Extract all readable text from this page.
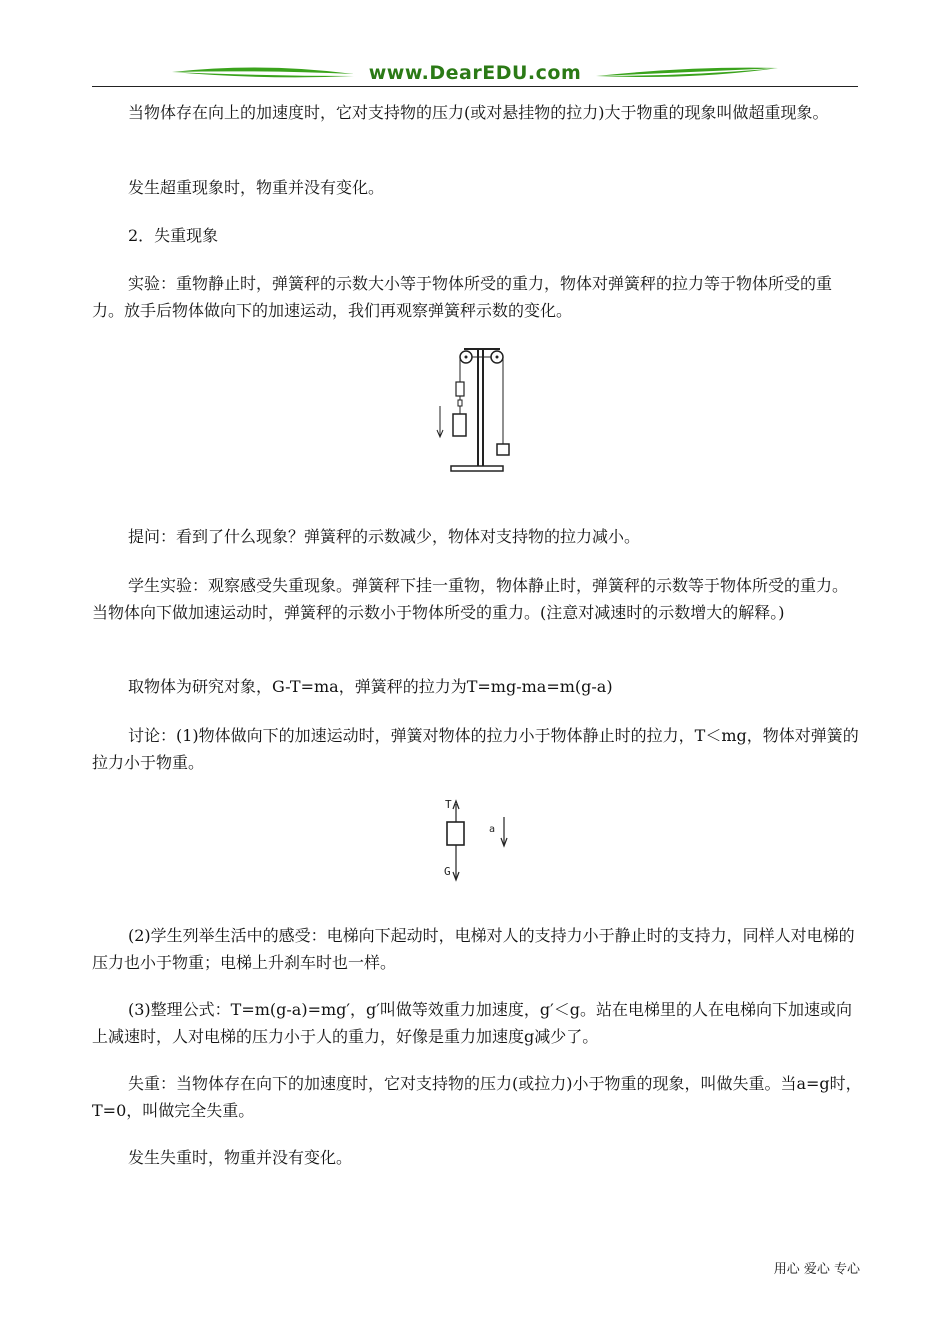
www.DearEDU.com

当物体存在向上的加速度时，它对支持物的压力(或对悬挂物的拉力)大于物重的现象叫做超重现象。

发生超重现象时，物重并没有变化。

2．失重现象

实验：重物静止时，弹簧秤的示数大小等于物体所受的重力，物体对弹簧秤的拉力等于物体所受的重力。放手后物体做向下的加速运动，我们再观察弹簧秤示数的变化。

提问：看到了什么现象？弹簧秤的示数减少，物体对支持物的拉力减小。

学生实验：观察感受失重现象。弹簧秤下挂一重物，物体静止时，弹簧秤的示数等于物体所受的重力。当物体向下做加速运动时，弹簧秤的示数小于物体所受的重力。(注意对减速时的示数增大的解释。)

取物体为研究对象，G-T=ma，弹簧秤的拉力为T=mg-ma=m(g-a)

讨论：(1)物体做向下的加速运动时，弹簧对物体的拉力小于物体静止时的拉力，T＜mg，物体对弹簧的拉力小于物重。

T
G
a

(2)学生列举生活中的感受：电梯向下起动时，电梯对人的支持力小于静止时的支持力，同样人对电梯的压力也小于物重；电梯上升刹车时也一样。

(3)整理公式：T=m(g-a)=mg′，g′叫做等效重力加速度，g′＜g。站在电梯里的人在电梯向下加速或向上减速时，人对电梯的压力小于人的重力，好像是重力加速度g减少了。

失重：当物体存在向下的加速度时，它对支持物的压力(或拉力)小于物重的现象，叫做失重。当a=g时，T=0，叫做完全失重。

发生失重时，物重并没有变化。

用心 爱心 专心
